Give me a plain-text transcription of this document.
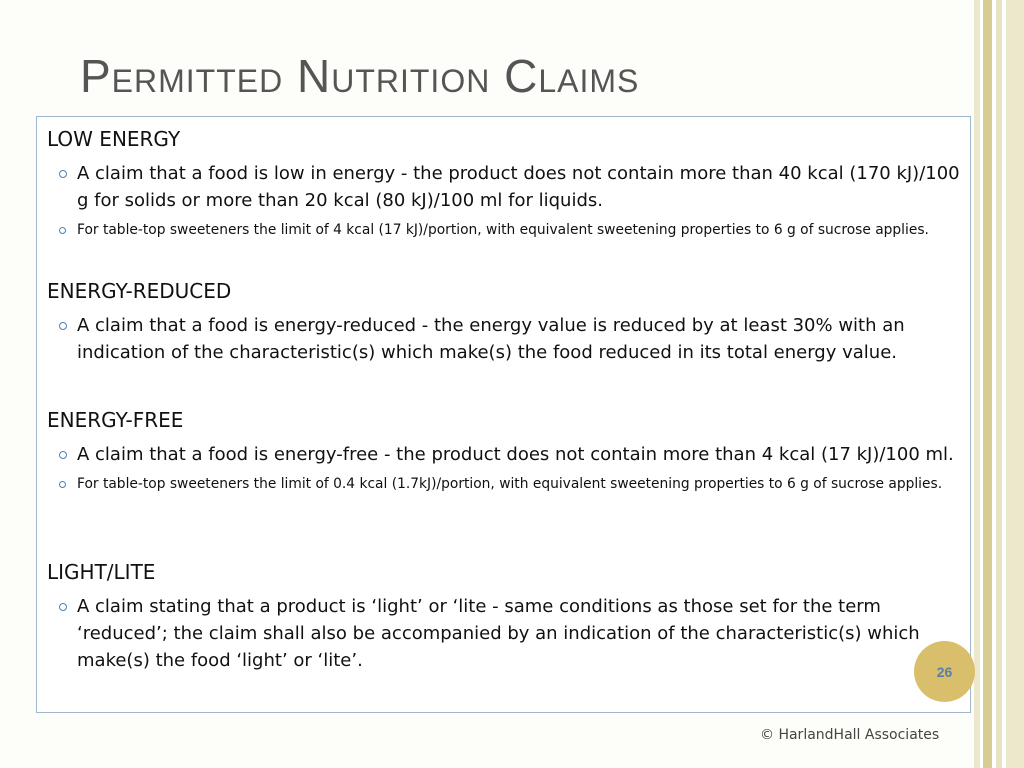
Permitted Nutrition Claims
LOW ENERGY
A claim that a food is low in energy - the product does not contain more than 40 kcal (170 kJ)/100 g for solids or more than 20 kcal (80 kJ)/100 ml for liquids.
For table-top sweeteners the limit of 4 kcal (17 kJ)/portion, with equivalent sweetening properties to 6 g of sucrose applies.
ENERGY-REDUCED
A claim that a food is energy-reduced - the energy value is reduced by at least 30% with an indication of the characteristic(s) which make(s) the food reduced in its total energy value.
ENERGY-FREE
A claim that a food is energy-free - the product does not contain more than 4 kcal (17 kJ)/100 ml.
For table-top sweeteners the limit of 0.4 kcal (1.7kJ)/portion, with equivalent sweetening properties to 6 g of sucrose applies.
LIGHT/LITE
A claim stating that a product is ‘light’ or ‘lite - same conditions as those set for the term ‘reduced’; the claim shall also be accompanied by an indication of the characteristic(s) which make(s) the food ‘light’ or ‘lite’.
26
© HarlandHall Associates
